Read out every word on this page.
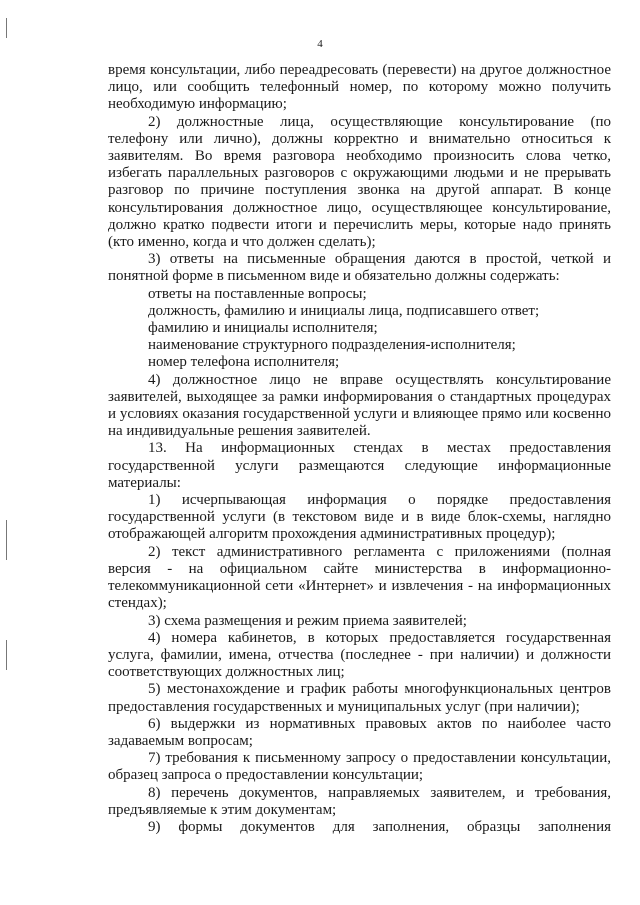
4

время консультации, либо переадресовать (перевести) на другое должностное лицо, или сообщить телефонный номер, по которому можно получить необходимую информацию;

2) должностные лица, осуществляющие консультирование (по телефону или лично), должны корректно и внимательно относиться к заявителям. Во время разговора необходимо произносить слова четко, избегать параллельных разговоров с окружающими людьми и не прерывать разговор по причине поступления звонка на другой аппарат. В конце консультирования должностное лицо, осуществляющее консультирование, должно кратко подвести итоги и перечислить меры, которые надо принять (кто именно, когда и что должен сделать);

3) ответы на письменные обращения даются в простой, четкой и понятной форме в письменном виде и обязательно должны содержать:

ответы на поставленные вопросы;

должность, фамилию и инициалы лица, подписавшего ответ;

фамилию и инициалы исполнителя;

наименование структурного подразделения-исполнителя;

номер телефона исполнителя;

4) должностное лицо не вправе осуществлять консультирование заявителей, выходящее за рамки информирования о стандартных процедурах и условиях оказания государственной услуги и влияющее прямо или косвенно на индивидуальные решения заявителей.

13. На информационных стендах в местах предоставления государственной услуги размещаются следующие информационные материалы:

1) исчерпывающая информация о порядке предоставления государственной услуги (в текстовом виде и в виде блок-схемы, наглядно отображающей алгоритм прохождения административных процедур);

2) текст административного регламента с приложениями (полная версия - на официальном сайте министерства в информационно-телекоммуникационной сети «Интернет» и извлечения - на информационных стендах);

3) схема размещения и режим приема заявителей;

4) номера кабинетов, в которых предоставляется государственная услуга, фамилии, имена, отчества (последнее - при наличии) и должности соответствующих должностных лиц;

5) местонахождение и график работы многофункциональных центров предоставления государственных и муниципальных услуг (при наличии);

6) выдержки из нормативных правовых актов по наиболее часто задаваемым вопросам;

7) требования к письменному запросу о предоставлении консультации, образец запроса о предоставлении консультации;

8) перечень документов, направляемых заявителем, и требования, предъявляемые к этим документам;

9) формы документов для заполнения, образцы заполнения
